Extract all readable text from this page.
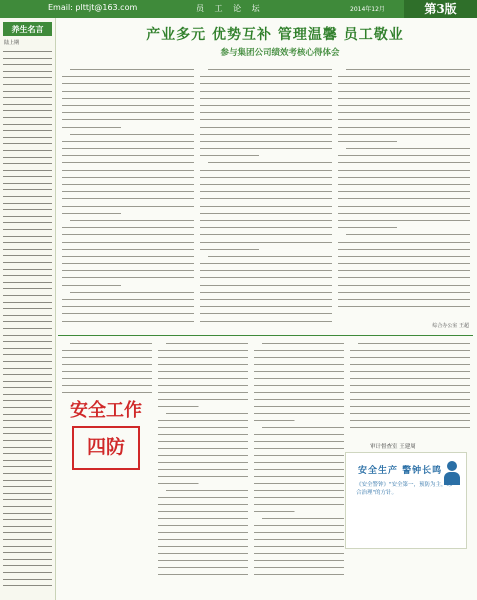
Email: plttjt@163.com	员 工 论 坛	2014年12月	第3版
养生名言
陆上期	产业多元 优势互补 管理温馨 员工敬业
参与集团公司绩效考核心得体会
综合办公室 王超
安全工作
四防	审计督查室 王建周
安全生产 警钟长鸣
《安全警钟》"安全第一，预防为主，综合治理"的方针。
